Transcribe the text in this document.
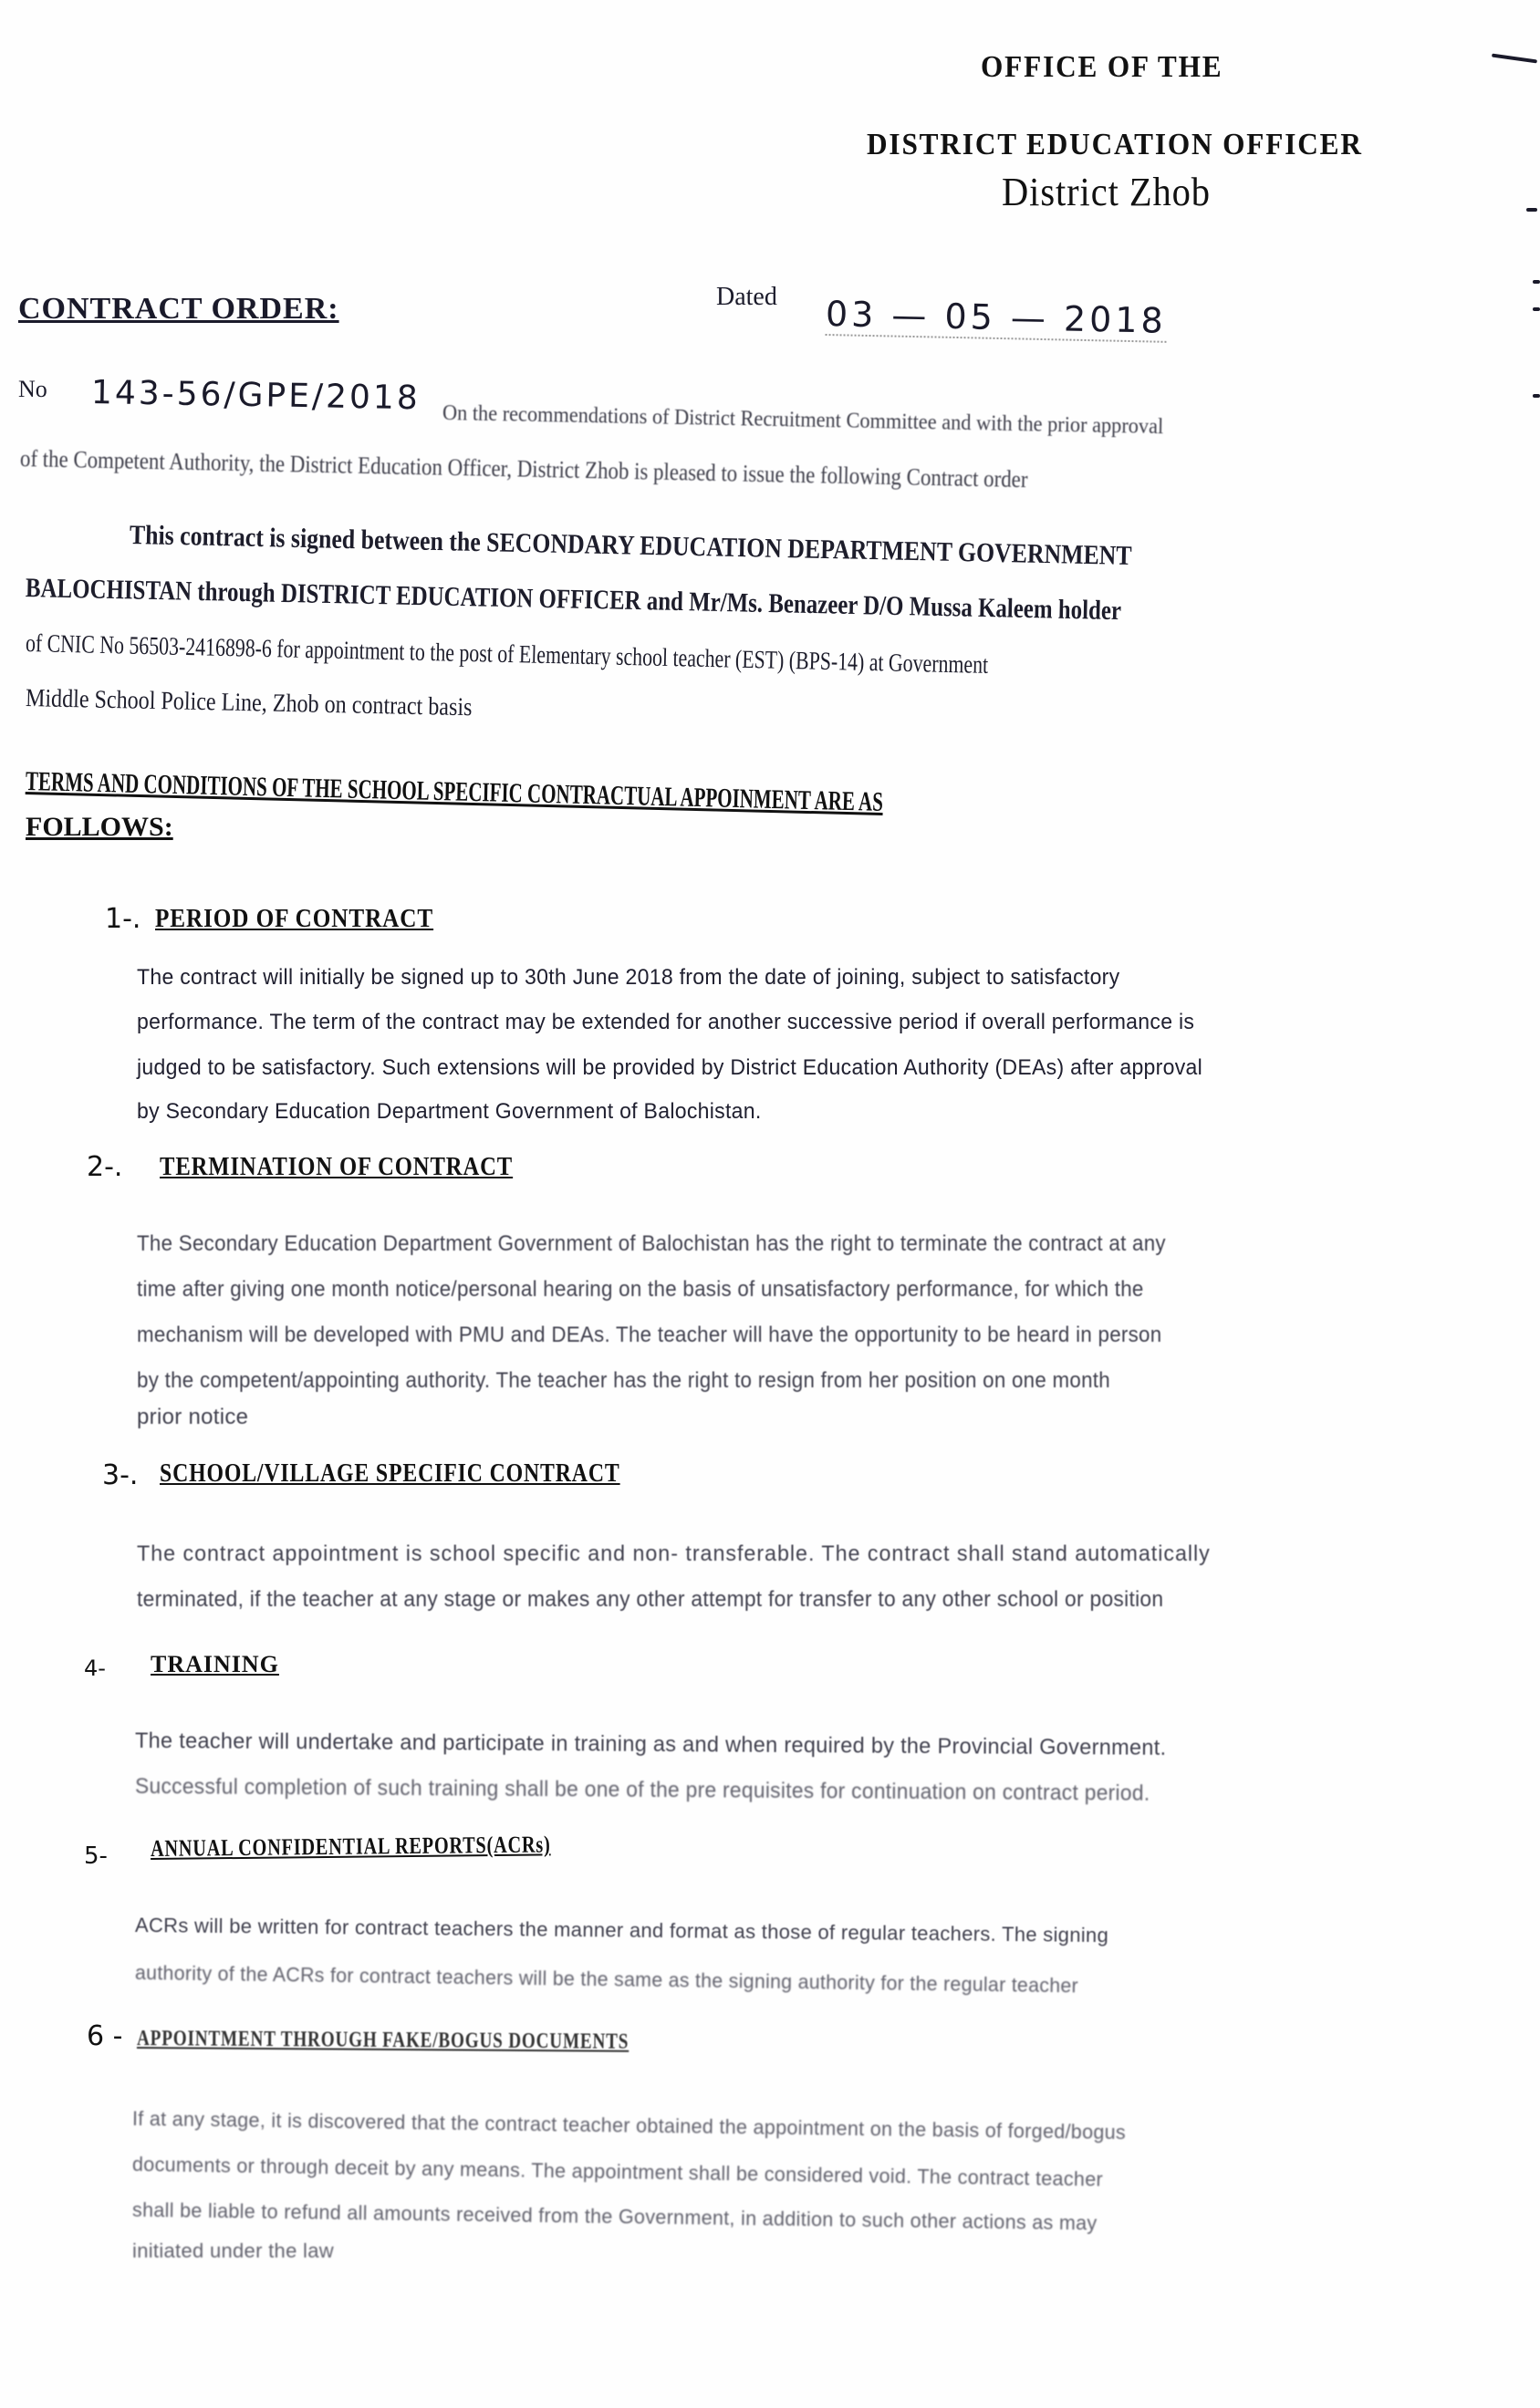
OFFICE OF THE
DISTRICT EDUCATION OFFICER
District Zhob
CONTRACT ORDER:	Dated 03 — 05 — 2018
No 143-56/GPE/2018
On the recommendations of District Recruitment Committee and with the prior approval
of the Competent Authority, the District Education Officer, District Zhob is pleased to issue the following Contract order
This contract is signed between the SECONDARY EDUCATION DEPARTMENT GOVERNMENT
BALOCHISTAN through DISTRICT EDUCATION OFFICER and Mr/Ms. Benazeer D/O Mussa Kaleem holder
of CNIC No 56503-2416898-6 for appointment to the post of Elementary school teacher (EST) (BPS-14) at Government
Middle School Police Line, Zhob on contract basis
TERMS AND CONDITIONS OF THE SCHOOL SPECIFIC CONTRACTUAL APPOINMENT ARE AS
FOLLOWS:
1-. PERIOD OF CONTRACT
The contract will initially be signed up to 30th June 2018 from the date of joining, subject to satisfactory
performance. The term of the contract may be extended for another successive period if overall performance is
judged to be satisfactory. Such extensions will be provided by District Education Authority (DEAs) after approval
by Secondary Education Department Government of Balochistan.
2-. TERMINATION OF CONTRACT
The Secondary Education Department Government of Balochistan has the right to terminate the contract at any
time after giving one month notice/personal hearing on the basis of unsatisfactory performance, for which the
mechanism will be developed with PMU and DEAs. The teacher will have the opportunity to be heard in person
by the competent/appointing authority. The teacher has the right to resign from her position on one month
prior notice
3-. SCHOOL/VILLAGE SPECIFIC CONTRACT
The contract appointment is school specific and non- transferable. The contract shall stand automatically
terminated, if the teacher at any stage or makes any other attempt for transfer to any other school or position
4- TRAINING
The teacher will undertake and participate in training as and when required by the Provincial Government.
Successful completion of such training shall be one of the pre requisites for continuation on contract period.
5- ANNUAL CONFIDENTIAL REPORTS(ACRs)
ACRs will be written for contract teachers the manner and format as those of regular teachers. The signing
authority of the ACRs for contract teachers will be the same as the signing authority for the regular teacher
6 - APPOINTMENT THROUGH FAKE/BOGUS DOCUMENTS
If at any stage, it is discovered that the contract teacher obtained the appointment on the basis of forged/bogus
documents or through deceit by any means. The appointment shall be considered void. The contract teacher
shall be liable to refund all amounts received from the Government, in addition to such other actions as may
initiated under the law
